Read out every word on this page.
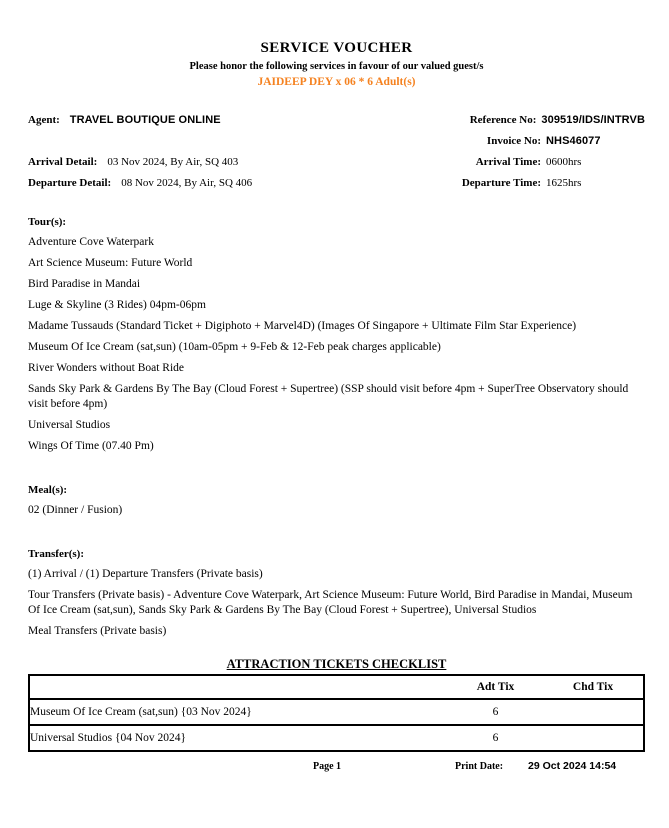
SERVICE VOUCHER
Please honor the following services in favour of our valued guest/s
JAIDEEP DEY x 06 * 6 Adult(s)
Agent: TRAVEL BOUTIQUE ONLINE	Reference No: 309519/IDS/INTRVB
Invoice No: NHS46077
Arrival Detail: 03 Nov 2024, By Air, SQ 403	Arrival Time: 0600hrs
Departure Detail: 08 Nov 2024, By Air, SQ 406	Departure Time: 1625hrs
Tour(s):
Adventure Cove Waterpark
Art Science Museum: Future World
Bird Paradise in Mandai
Luge & Skyline (3 Rides) 04pm-06pm
Madame Tussauds (Standard Ticket + Digiphoto + Marvel4D) (Images Of Singapore + Ultimate Film Star Experience)
Museum Of Ice Cream (sat,sun) (10am-05pm + 9-Feb & 12-Feb peak charges applicable)
River Wonders without Boat Ride
Sands Sky Park & Gardens By The Bay (Cloud Forest + Supertree) (SSP should visit before 4pm + SuperTree Observatory should visit before 4pm)
Universal Studios
Wings Of Time (07.40 Pm)
Meal(s):
02 (Dinner / Fusion)
Transfer(s):
(1) Arrival / (1) Departure Transfers (Private basis)
Tour Transfers (Private basis) - Adventure Cove Waterpark, Art Science Museum: Future World, Bird Paradise in Mandai, Museum Of Ice Cream (sat,sun), Sands Sky Park & Gardens By The Bay (Cloud Forest + Supertree), Universal Studios
Meal Transfers (Private basis)
ATTRACTION TICKETS CHECKLIST
	Adt Tix	Chd Tix
Museum Of Ice Cream (sat,sun) {03 Nov 2024}	6	
Universal Studios {04 Nov 2024}	6	
Page 1	Print Date: 29 Oct 2024 14:54
